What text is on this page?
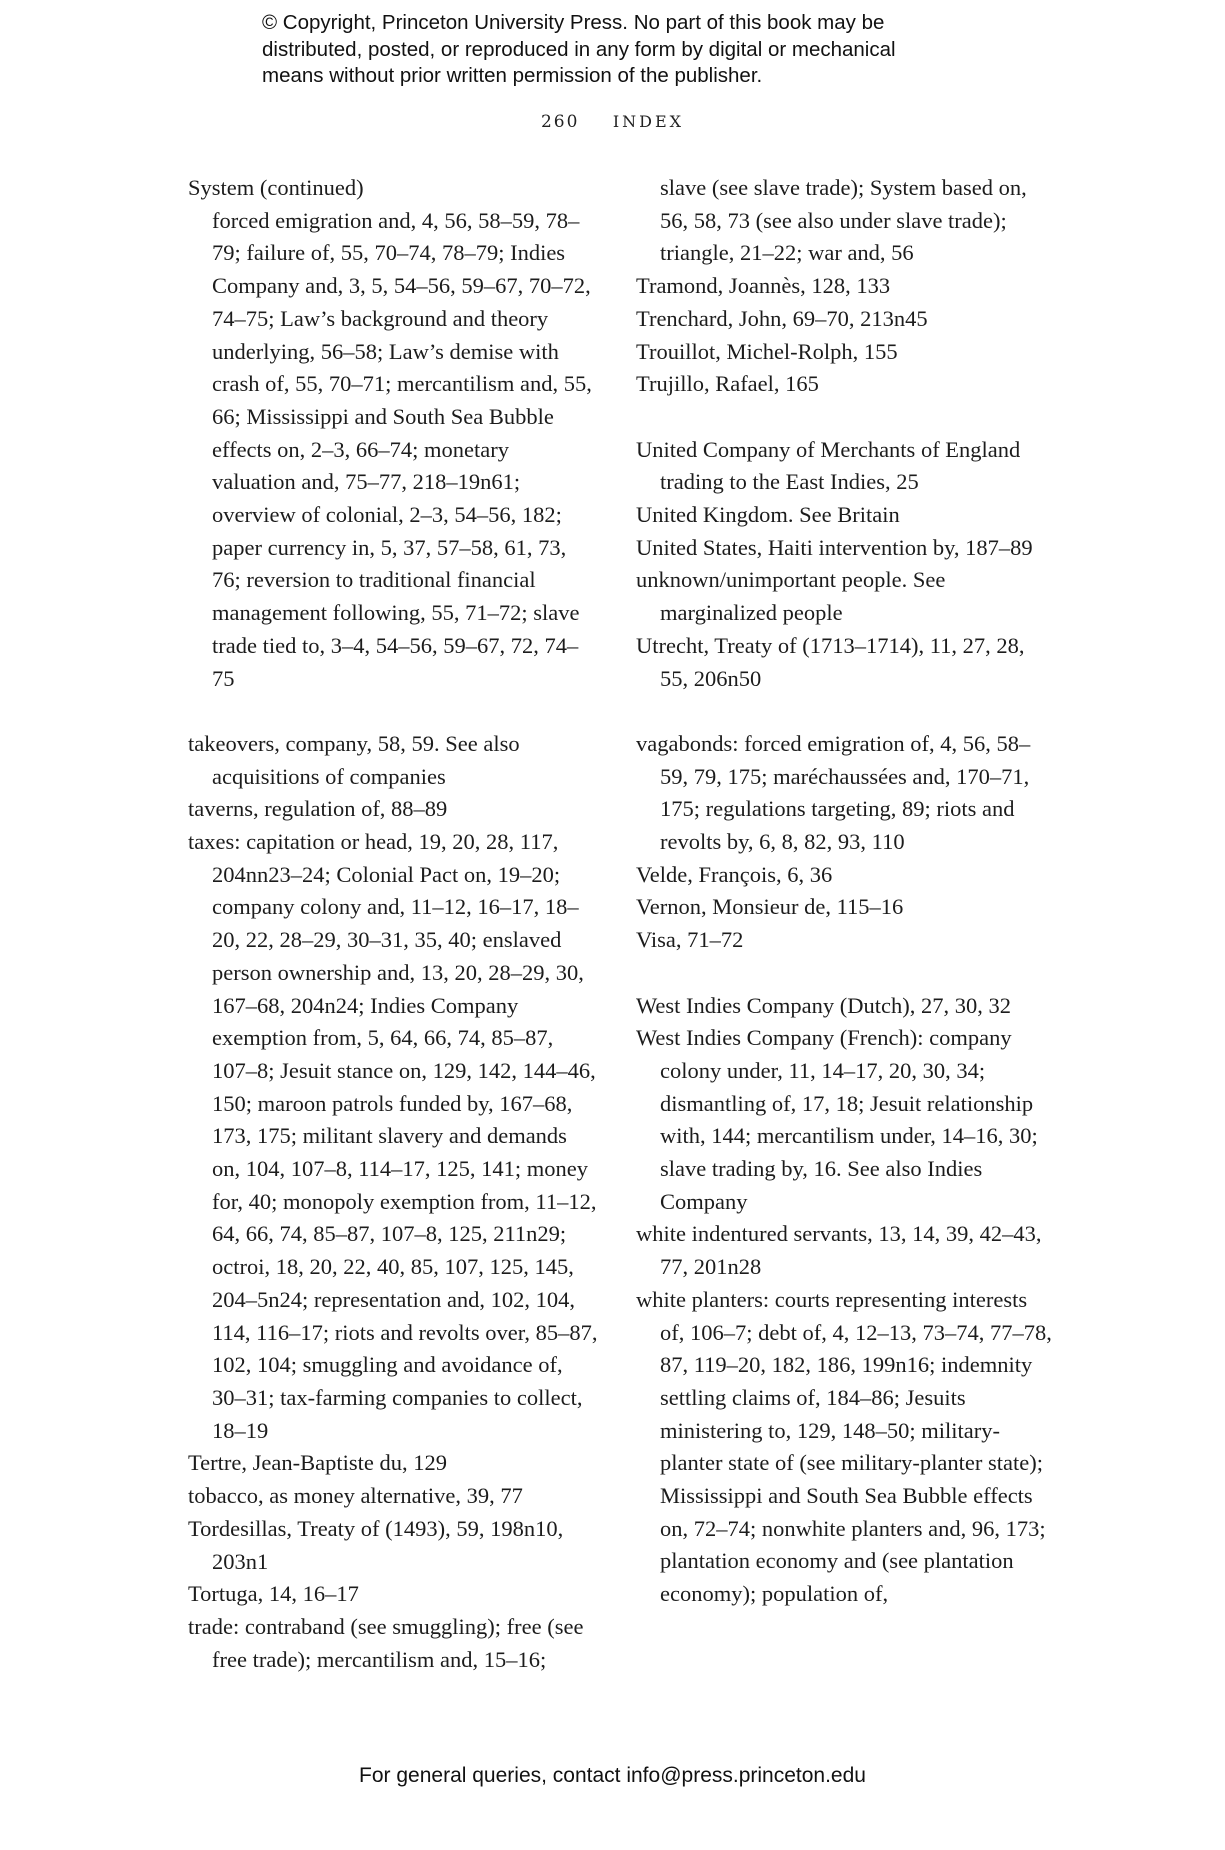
© Copyright, Princeton University Press. No part of this book may be
distributed, posted, or reproduced in any form by digital or mechanical
means without prior written permission of the publisher.
260 INDEX

System (continued)

forced emigration and, 4, 56, 58–59, 78–79; failure of, 55, 70–74, 78–79; Indies Company and, 3, 5, 54–56, 59–67, 70–72, 74–75; Law’s background and theory underlying, 56–58; Law’s demise with crash of, 55, 70–71; mercantilism and, 55, 66; Mississippi and South Sea Bubble effects on, 2–3, 66–74; monetary valuation and, 75–77, 218–19n61; overview of colonial, 2–3, 54–56, 182; paper currency in, 5, 37, 57–58, 61, 73, 76; reversion to traditional financial management following, 55, 71–72; slave trade tied to, 3–4, 54–56, 59–67, 72, 74–75

takeovers, company, 58, 59. See also acquisitions of companies

taverns, regulation of, 88–89

taxes: capitation or head, 19, 20, 28, 117, 204nn23–24; Colonial Pact on, 19–20; company colony and, 11–12, 16–17, 18–20, 22, 28–29, 30–31, 35, 40; enslaved person ownership and, 13, 20, 28–29, 30, 167–68, 204n24; Indies Company exemption from, 5, 64, 66, 74, 85–87, 107–8; Jesuit stance on, 129, 142, 144–46, 150; maroon patrols funded by, 167–68, 173, 175; militant slavery and demands on, 104, 107–8, 114–17, 125, 141; money for, 40; monopoly exemption from, 11–12, 64, 66, 74, 85–87, 107–8, 125, 211n29; octroi, 18, 20, 22, 40, 85, 107, 125, 145, 204–5n24; representation and, 102, 104, 114, 116–17; riots and revolts over, 85–87, 102, 104; smuggling and avoidance of, 30–31; tax-farming companies to collect, 18–19

Tertre, Jean-Baptiste du, 129

tobacco, as money alternative, 39, 77

Tordesillas, Treaty of (1493), 59, 198n10, 203n1

Tortuga, 14, 16–17

trade: contraband (see smuggling); free (see free trade); mercantilism and, 15–16;

slave (see slave trade); System based on, 56, 58, 73 (see also under slave trade); triangle, 21–22; war and, 56

Tramond, Joannès, 128, 133

Trenchard, John, 69–70, 213n45

Trouillot, Michel-Rolph, 155

Trujillo, Rafael, 165

United Company of Merchants of England trading to the East Indies, 25

United Kingdom. See Britain

United States, Haiti intervention by, 187–89

unknown/unimportant people. See marginalized people

Utrecht, Treaty of (1713–1714), 11, 27, 28, 55, 206n50

vagabonds: forced emigration of, 4, 56, 58–59, 79, 175; maréchaussées and, 170–71, 175; regulations targeting, 89; riots and revolts by, 6, 8, 82, 93, 110

Velde, François, 6, 36

Vernon, Monsieur de, 115–16

Visa, 71–72

West Indies Company (Dutch), 27, 30, 32

West Indies Company (French): company colony under, 11, 14–17, 20, 30, 34; dismantling of, 17, 18; Jesuit relationship with, 144; mercantilism under, 14–16, 30; slave trading by, 16. See also Indies Company

white indentured servants, 13, 14, 39, 42–43, 77, 201n28

white planters: courts representing interests of, 106–7; debt of, 4, 12–13, 73–74, 77–78, 87, 119–20, 182, 186, 199n16; indemnity settling claims of, 184–86; Jesuits ministering to, 129, 148–50; military-planter state of (see military-planter state); Mississippi and South Sea Bubble effects on, 72–74; nonwhite planters and, 96, 173; plantation economy and (see plantation economy); population of,

For general queries, contact info@press.princeton.edu
